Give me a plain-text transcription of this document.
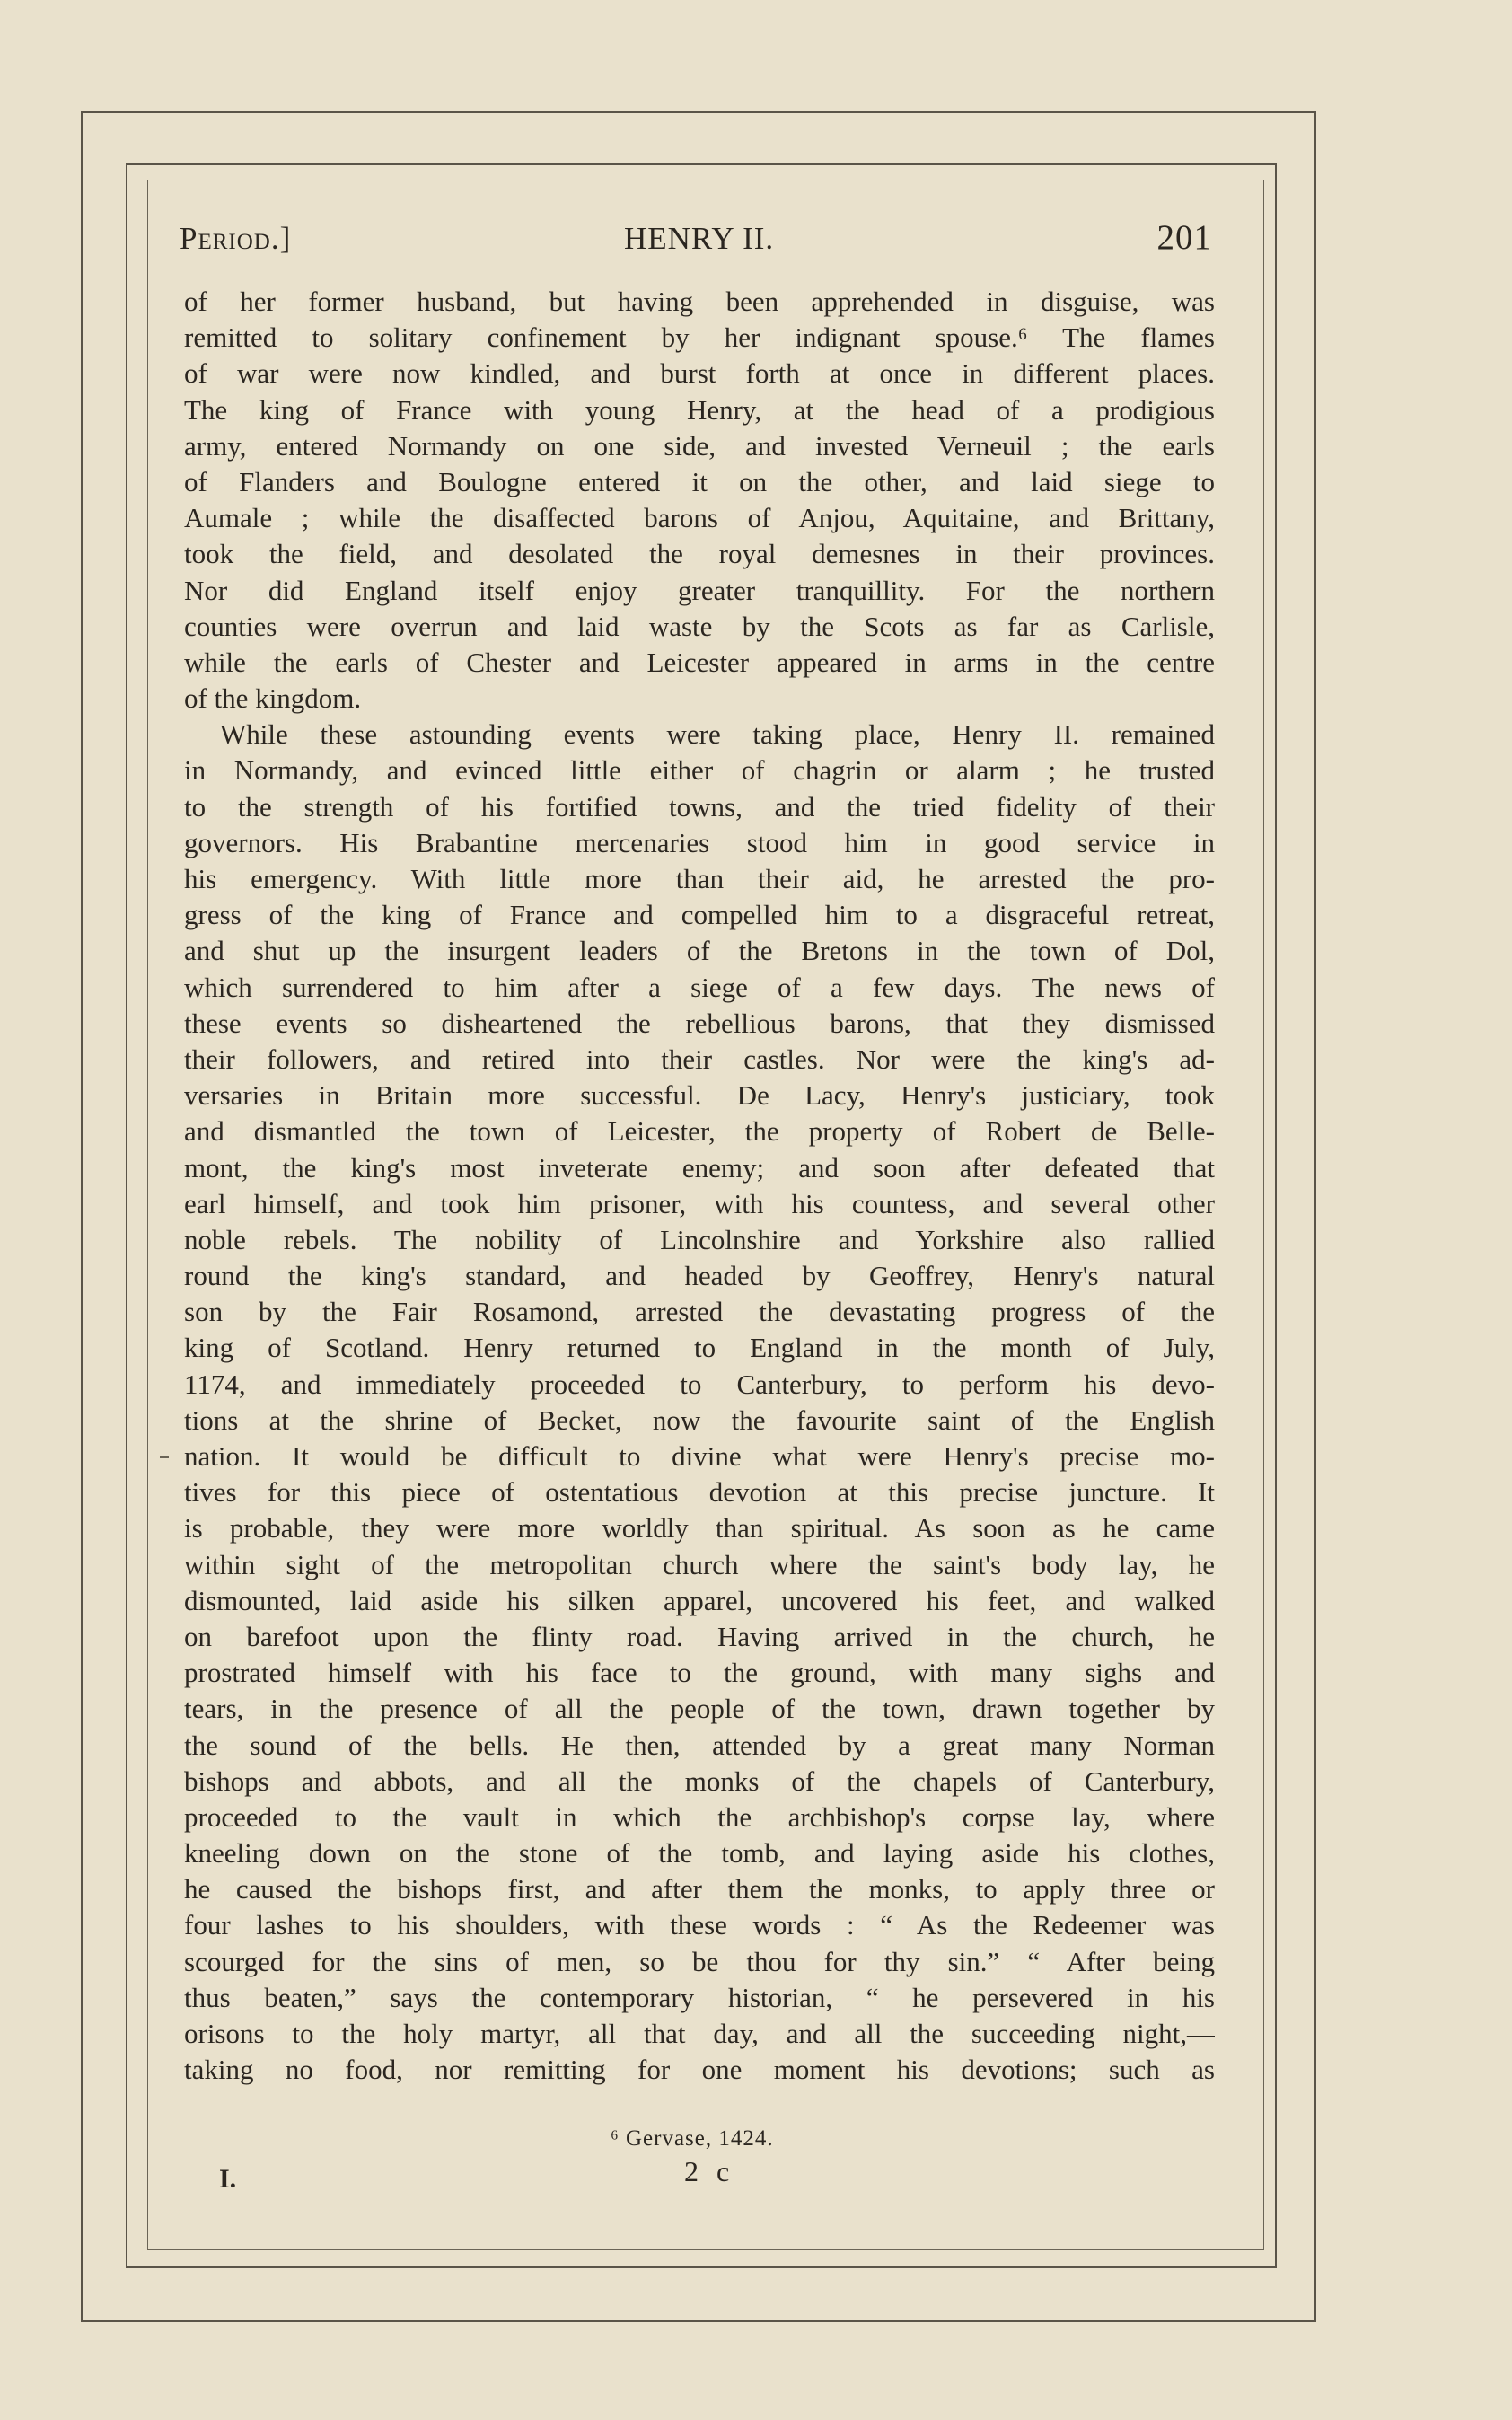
Period.]	HENRY II.	201
of her former husband, but having been apprehended in disguise, was
remitted to solitary confinement by her indignant spouse.⁶ The flames
of war were now kindled, and burst forth at once in different places.
The king of France with young Henry, at the head of a prodigious
army, entered Normandy on one side, and invested Verneuil ; the earls
of Flanders and Boulogne entered it on the other, and laid siege to
Aumale ; while the disaffected barons of Anjou, Aquitaine, and Brittany,
took the field, and desolated the royal demesnes in their provinces.
Nor did England itself enjoy greater tranquillity. For the northern
counties were overrun and laid waste by the Scots as far as Carlisle,
while the earls of Chester and Leicester appeared in arms in the centre
of the kingdom.
While these astounding events were taking place, Henry II. remained
in Normandy, and evinced little either of chagrin or alarm ; he trusted
to the strength of his fortified towns, and the tried fidelity of their
governors. His Brabantine mercenaries stood him in good service in
his emergency. With little more than their aid, he arrested the pro-
gress of the king of France and compelled him to a disgraceful retreat,
and shut up the insurgent leaders of the Bretons in the town of Dol,
which surrendered to him after a siege of a few days. The news of
these events so disheartened the rebellious barons, that they dismissed
their followers, and retired into their castles. Nor were the king's ad-
versaries in Britain more successful. De Lacy, Henry's justiciary, took
and dismantled the town of Leicester, the property of Robert de Belle-
mont, the king's most inveterate enemy; and soon after defeated that
earl himself, and took him prisoner, with his countess, and several other
noble rebels. The nobility of Lincolnshire and Yorkshire also rallied
round the king's standard, and headed by Geoffrey, Henry's natural
son by the Fair Rosamond, arrested the devastating progress of the
king of Scotland. Henry returned to England in the month of July,
1174, and immediately proceeded to Canterbury, to perform his devo-
tions at the shrine of Becket, now the favourite saint of the English
nation. It would be difficult to divine what were Henry's precise mo-
tives for this piece of ostentatious devotion at this precise juncture. It
is probable, they were more worldly than spiritual. As soon as he came
within sight of the metropolitan church where the saint's body lay, he
dismounted, laid aside his silken apparel, uncovered his feet, and walked
on barefoot upon the flinty road. Having arrived in the church, he
prostrated himself with his face to the ground, with many sighs and
tears, in the presence of all the people of the town, drawn together by
the sound of the bells. He then, attended by a great many Norman
bishops and abbots, and all the monks of the chapels of Canterbury,
proceeded to the vault in which the archbishop's corpse lay, where
kneeling down on the stone of the tomb, and laying aside his clothes,
he caused the bishops first, and after them the monks, to apply three or
four lashes to his shoulders, with these words : “ As the Redeemer was
scourged for the sins of men, so be thou for thy sin.” “ After being
thus beaten,” says the contemporary historian, “ he persevered in his
orisons to the holy martyr, all that day, and all the succeeding night,—
taking no food, nor remitting for one moment his devotions; such as
⁶ Gervase, 1424.
I.	2 c
